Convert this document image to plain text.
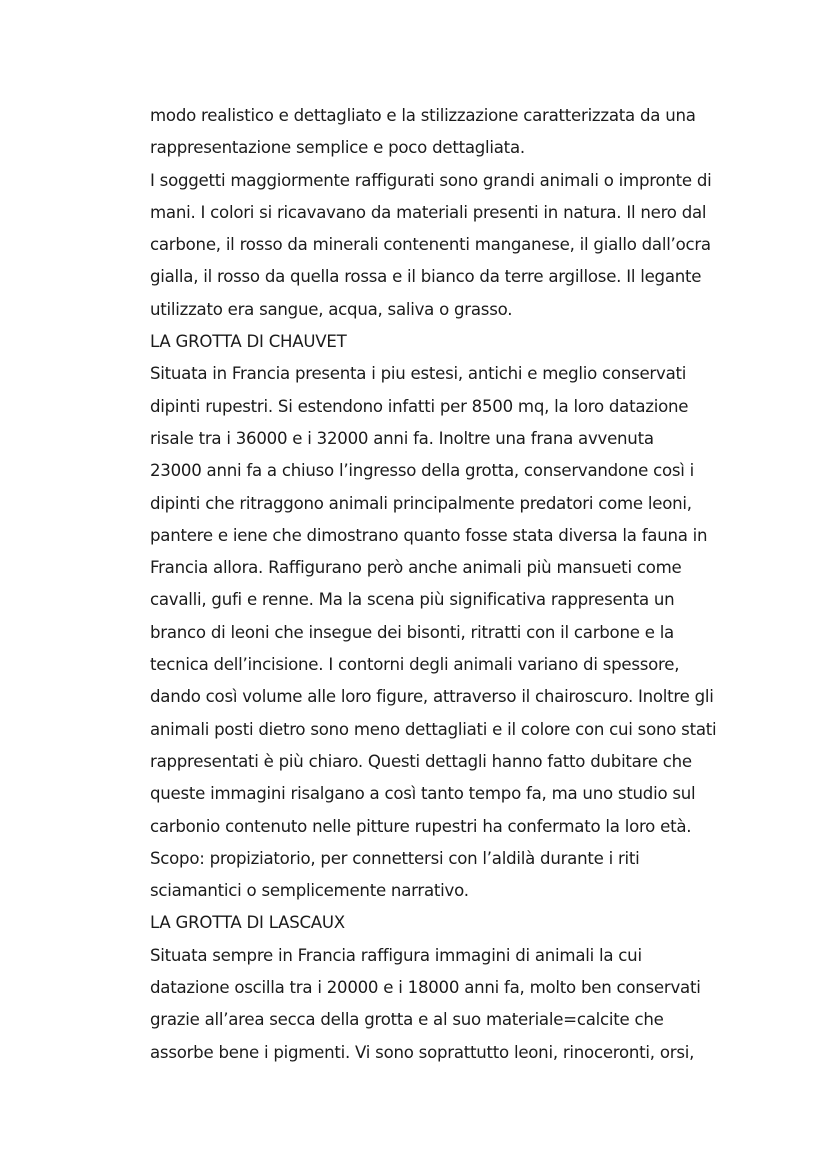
modo realistico e dettagliato e la stilizzazione caratterizzata da una
rappresentazione semplice e poco dettagliata.
I soggetti maggiormente raffigurati sono grandi animali o impronte di
mani. I colori si ricavavano da materiali presenti in natura. Il nero dal
carbone, il rosso da minerali contenenti manganese, il giallo dall’ocra
gialla, il rosso da quella rossa e il bianco da terre argillose. Il legante
utilizzato era sangue, acqua, saliva o grasso.
LA GROTTA DI CHAUVET
Situata in Francia presenta i piu estesi, antichi e meglio conservati
dipinti rupestri. Si estendono infatti per 8500 mq, la loro datazione
risale tra i 36000 e i 32000 anni fa. Inoltre una frana avvenuta
23000 anni fa a chiuso l’ingresso della grotta, conservandone così i
dipinti che ritraggono animali principalmente predatori come leoni,
pantere e iene che dimostrano quanto fosse stata diversa la fauna in
Francia allora. Raffigurano però anche animali più mansueti come
cavalli, gufi e renne. Ma la scena più significativa rappresenta un
branco di leoni che insegue dei bisonti, ritratti con il carbone e la
tecnica dell’incisione. I contorni degli animali variano di spessore,
dando così volume alle loro figure, attraverso il chairoscuro. Inoltre gli
animali posti dietro sono meno dettagliati e il colore con cui sono stati
rappresentati è più chiaro. Questi dettagli hanno fatto dubitare che
queste immagini risalgano a così tanto tempo fa, ma uno studio sul
carbonio contenuto nelle pitture rupestri ha confermato la loro età.
Scopo: propiziatorio, per connettersi con l’aldilà durante i riti
sciamantici o semplicemente narrativo.
LA GROTTA DI LASCAUX
Situata sempre in Francia raffigura immagini di animali la cui
datazione oscilla tra i 20000 e i 18000 anni fa, molto ben conservati
grazie all’area secca della grotta e al suo materiale=calcite che
assorbe bene i pigmenti. Vi sono soprattutto leoni, rinoceronti, orsi,
